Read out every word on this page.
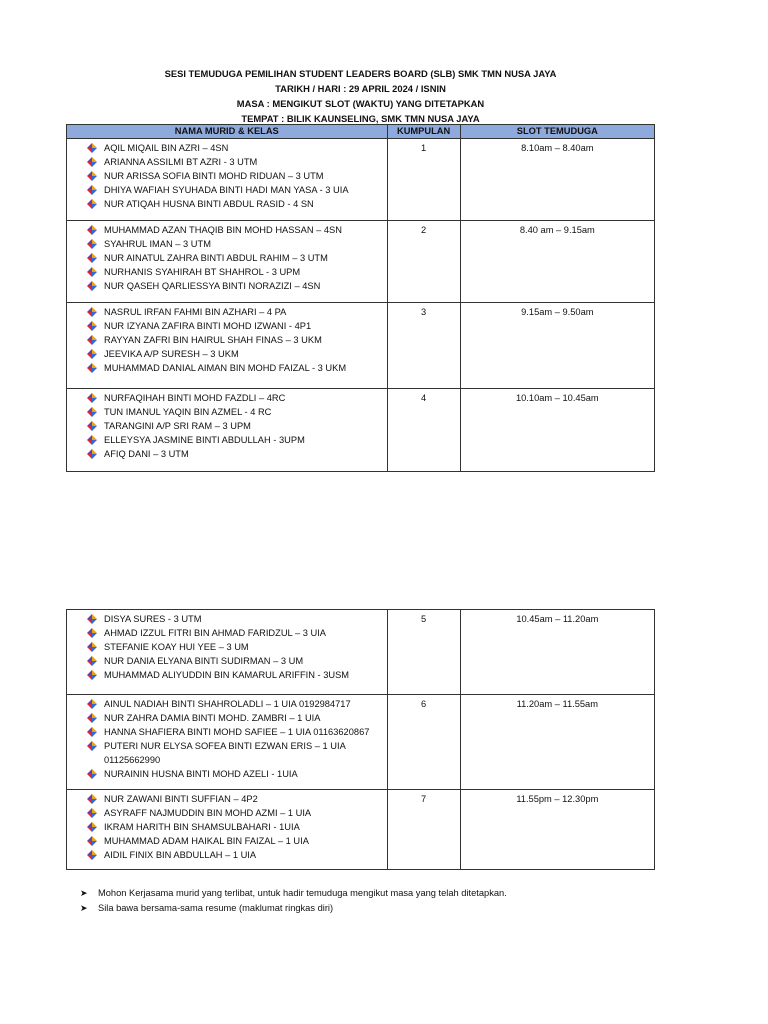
SESI TEMUDUGA PEMILIHAN STUDENT LEADERS BOARD (SLB) SMK TMN NUSA JAYA
TARIKH / HARI : 29 APRIL 2024 / ISNIN
MASA : MENGIKUT SLOT (WAKTU) YANG DITETAPKAN
TEMPAT : BILIK KAUNSELING, SMK TMN NUSA JAYA
NAMA MURID & KELAS	KUMPULAN	SLOT TEMUDUGA

AQIL MIQAIL BIN AZRI – 4SN
ARIANNA ASSILMI BT AZRI - 3 UTM
NUR ARISSA SOFIA BINTI MOHD RIDUAN – 3 UTM
DHIYA WAFIAH SYUHADA BINTI HADI MAN YASA - 3 UIA
NUR ATIQAH HUSNA BINTI ABDUL RASID - 4 SN	1	8.10am – 8.40am

MUHAMMAD AZAN THAQIB BIN MOHD HASSAN – 4SN
SYAHRUL IMAN – 3 UTM
NUR AINATUL ZAHRA BINTI ABDUL RAHIM – 3 UTM
NURHANIS SYAHIRAH BT SHAHROL - 3 UPM
NUR QASEH QARLIESSYA BINTI NORAZIZI – 4SN	2	8.40 am – 9.15am

NASRUL IRFAN FAHMI BIN AZHARI – 4 PA
NUR IZYANA ZAFIRA BINTI MOHD IZWANI - 4P1
RAYYAN ZAFRI BIN HAIRUL SHAH FINAS – 3 UKM
JEEVIKA A/P SURESH – 3 UKM
MUHAMMAD DANIAL AIMAN BIN MOHD FAIZAL - 3 UKM	3	9.15am – 9.50am

NURFAQIHAH BINTI MOHD FAZDLI – 4RC
TUN IMANUL YAQIN BIN AZMEL - 4 RC
TARANGINI A/P SRI RAM – 3 UPM
ELLEYSYA JASMINE BINTI ABDULLAH - 3UPM
AFIQ DANI – 3 UTM	4	10.10am – 10.45am
DISYA SURES - 3 UTM
AHMAD IZZUL FITRI BIN AHMAD FARIDZUL – 3 UIA
STEFANIE KOAY HUI YEE – 3 UM
NUR DANIA ELYANA BINTI SUDIRMAN – 3 UM
MUHAMMAD ALIYUDDIN BIN KAMARUL ARIFFIN - 3USM	5	10.45am – 11.20am

AINUL NADIAH BINTI SHAHROLADLI – 1 UIA 0192984717
NUR ZAHRA DAMIA BINTI MOHD. ZAMBRI – 1 UIA
HANNA SHAFIERA BINTI MOHD SAFIEE – 1 UIA 01163620867
PUTERI NUR ELYSA SOFEA BINTI EZWAN ERIS – 1 UIA 01125662990
NURAININ HUSNA BINTI MOHD AZELI - 1UIA	6	11.20am – 11.55am

NUR ZAWANI BINTI SUFFIAN – 4P2
ASYRAFF NAJMUDDIN BIN MOHD AZMI – 1 UIA
IKRAM HARITH BIN SHAMSULBAHARI - 1UIA
MUHAMMAD ADAM HAIKAL BIN FAIZAL – 1 UIA
AIDIL FINIX BIN ABDULLAH – 1 UIA	7	11.55pm – 12.30pm
➤ Mohon Kerjasama murid yang terlibat, untuk hadir temuduga mengikut masa yang telah ditetapkan.
➤ Sila bawa bersama-sama resume (maklumat ringkas diri)
